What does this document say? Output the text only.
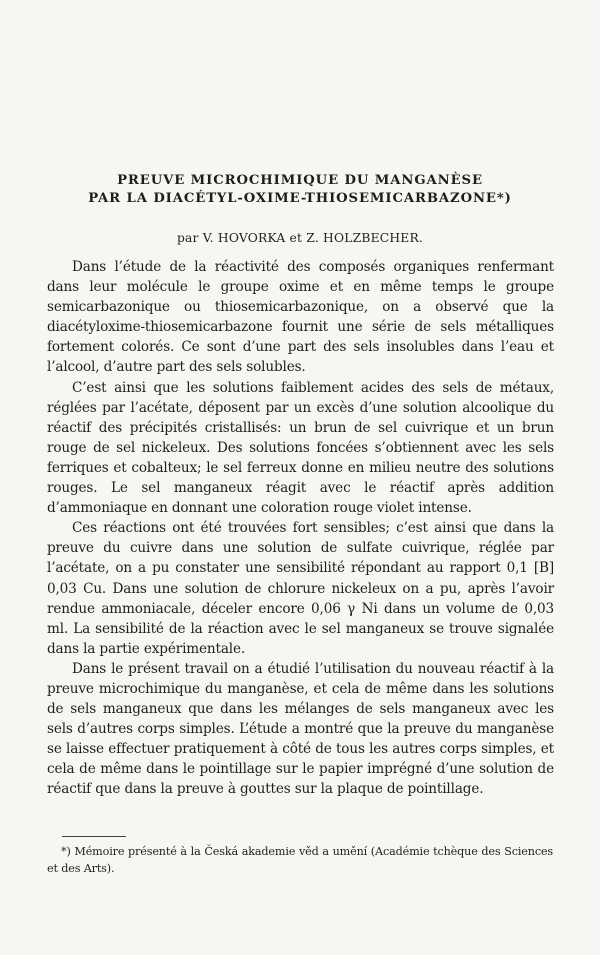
PREUVE MICROCHIMIQUE DU MANGANÈSE
PAR LA DIACÉTYL-OXIME-THIOSEMICARBAZONE*)
par V. HOVORKA et Z. HOLZBECHER.

Dans l’étude de la réactivité des composés organiques renfermant dans leur molécule le groupe oxime et en même temps le groupe semicarbazonique ou thiosemicarbazonique, on a observé que la diacétyloxime-thiosemicarbazone fournit une série de sels métalliques fortement colorés. Ce sont d’une part des sels insolubles dans l’eau et l’alcool, d’autre part des sels solubles.

C’est ainsi que les solutions faiblement acides des sels de métaux, réglées par l’acétate, déposent par un excès d’une solution alcoolique du réactif des précipités cristallisés: un brun de sel cuivrique et un brun rouge de sel nickeleux. Des solutions foncées s’obtiennent avec les sels ferriques et cobalteux; le sel ferreux donne en milieu neutre des solutions rouges. Le sel manganeux réagit avec le réactif après addition d’ammoniaque en donnant une coloration rouge violet intense.

Ces réactions ont été trouvées fort sensibles; c’est ainsi que dans la preuve du cuivre dans une solution de sulfate cuivrique, réglée par l’acétate, on a pu constater une sensibilité répondant au rapport 0,1 [B] 0,03 Cu. Dans une solution de chlorure nickeleux on a pu, après l’avoir rendue ammoniacale, déceler encore 0,06 γ Ni dans un volume de 0,03 ml. La sensibilité de la réaction avec le sel manganeux se trouve signalée dans la partie expérimentale.

Dans le présent travail on a étudié l’utilisation du nouveau réactif à la preuve microchimique du manganèse, et cela de même dans les solutions de sels manganeux que dans les mélanges de sels manganeux avec les sels d’autres corps simples. L’étude a montré que la preuve du manganèse se laisse effectuer pratiquement à côté de tous les autres corps simples, et cela de même dans le pointillage sur le papier imprégné d’une solution de réactif que dans la preuve à gouttes sur la plaque de pointillage.

*) Mémoire présenté à la Česká akademie věd a umění (Académie tchèque des Sciences et des Arts).
